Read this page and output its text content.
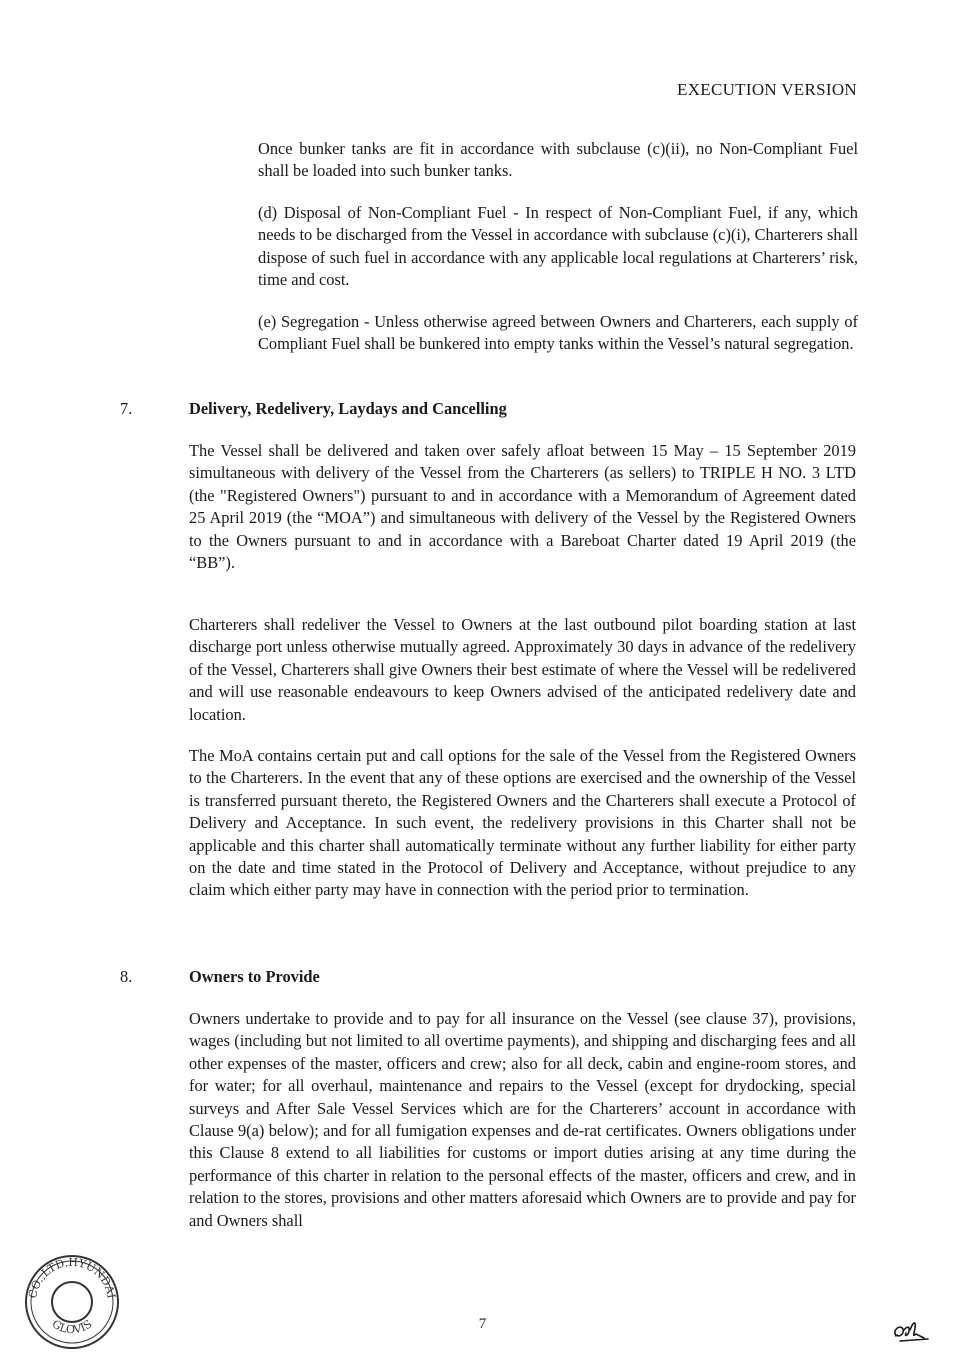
EXECUTION VERSION
Once bunker tanks are fit in accordance with subclause (c)(ii), no Non-Compliant Fuel shall be loaded into such bunker tanks.
(d) Disposal of Non-Compliant Fuel - In respect of Non-Compliant Fuel, if any, which needs to be discharged from the Vessel in accordance with subclause (c)(i), Charterers shall dispose of such fuel in accordance with any applicable local regulations at Charterers’ risk, time and cost.
(e) Segregation - Unless otherwise agreed between Owners and Charterers, each supply of Compliant Fuel shall be bunkered into empty tanks within the Vessel’s natural segregation.
7.	Delivery, Redelivery, Laydays and Cancelling
The Vessel shall be delivered and taken over safely afloat between 15 May – 15 September 2019 simultaneous with delivery of the Vessel from the Charterers (as sellers) to TRIPLE H NO. 3 LTD (the "Registered Owners") pursuant to and in accordance with a Memorandum of Agreement dated 25 April 2019 (the “MOA”) and simultaneous with delivery of the Vessel by the Registered Owners to the Owners pursuant to and in accordance with a Bareboat Charter dated 19 April 2019 (the “BB”).
Charterers shall redeliver the Vessel to Owners at the last outbound pilot boarding station at last discharge port unless otherwise mutually agreed. Approximately 30 days in advance of the redelivery of the Vessel, Charterers shall give Owners their best estimate of where the Vessel will be redelivered and will use reasonable endeavours to keep Owners advised of the anticipated redelivery date and location.
The MoA contains certain put and call options for the sale of the Vessel from the Registered Owners to the Charterers. In the event that any of these options are exercised and the ownership of the Vessel is transferred pursuant thereto, the Registered Owners and the Charterers shall execute a Protocol of Delivery and Acceptance. In such event, the redelivery provisions in this Charter shall not be applicable and this charter shall automatically terminate without any further liability for either party on the date and time stated in the Protocol of Delivery and Acceptance, without prejudice to any claim which either party may have in connection with the period prior to termination.
8.	Owners to Provide
Owners undertake to provide and to pay for all insurance on the Vessel (see clause 37), provisions, wages (including but not limited to all overtime payments), and shipping and discharging fees and all other expenses of the master, officers and crew; also for all deck, cabin and engine-room stores, and for water; for all overhaul, maintenance and repairs to the Vessel (except for drydocking, special surveys and After Sale Vessel Services which are for the Charterers’ account in accordance with Clause 9(a) below); and for all fumigation expenses and de-rat certificates. Owners obligations under this Clause 8 extend to all liabilities for customs or import duties arising at any time during the performance of this charter in relation to the personal effects of the master, officers and crew, and in relation to the stores, provisions and other matters aforesaid which Owners are to provide and pay for and Owners shall
CO.,LTD.HYUNDAI
GLOVIS	7
